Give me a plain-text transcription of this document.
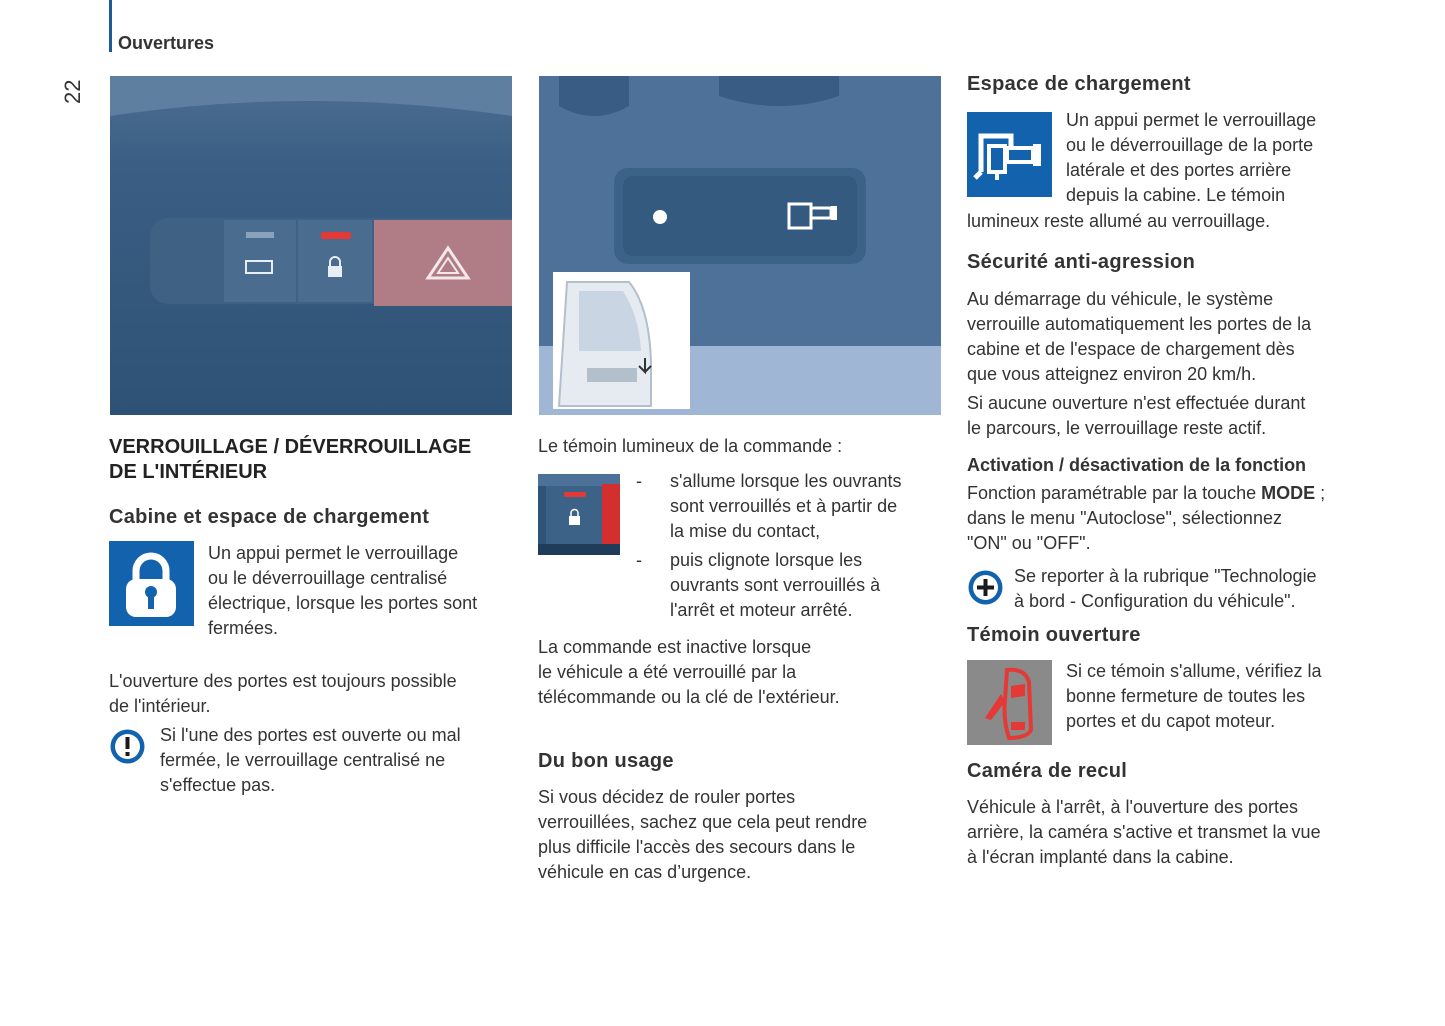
Ouvertures
22
VERROUILLAGE / DÉVERROUILLAGE
DE L'INTÉRIEUR
Cabine et espace de chargement
Un appui permet le verrouillage
ou le déverrouillage centralisé
électrique, lorsque les portes sont
fermées.
L'ouverture des portes est toujours possible
de l'intérieur.
Si l'une des portes est ouverte ou mal
fermée, le verrouillage centralisé ne
s'effectue pas.
Le témoin lumineux de la commande :
- s'allume lorsque les ouvrants
sont verrouillés et à partir de
la mise du contact,
- puis clignote lorsque les
ouvrants sont verrouillés à
l'arrêt et moteur arrêté.
La commande est inactive lorsque
le véhicule a été verrouillé par la
télécommande ou la clé de l'extérieur.
Du bon usage
Si vous décidez de rouler portes
verrouillées, sachez que cela peut rendre
plus difficile l'accès des secours dans le
véhicule en cas d’urgence.
Espace de chargement
Un appui permet le verrouillage
ou le déverrouillage de la porte
latérale et des portes arrière
depuis la cabine. Le témoin
lumineux reste allumé au verrouillage.
Sécurité anti-agression
Au démarrage du véhicule, le système
verrouille automatiquement les portes de la
cabine et de l'espace de chargement dès
que vous atteignez environ 20 km/h.
Si aucune ouverture n'est effectuée durant
le parcours, le verrouillage reste actif.
Activation / désactivation de la fonction
Fonction paramétrable par la touche MODE ;
dans le menu "Autoclose", sélectionnez
"ON" ou "OFF".
Se reporter à la rubrique "Technologie
à bord - Configuration du véhicule".
Témoin ouverture
Si ce témoin s'allume, vérifiez la
bonne fermeture de toutes les
portes et du capot moteur.
Caméra de recul
Véhicule à l'arrêt, à l'ouverture des portes
arrière, la caméra s'active et transmet la vue
à l'écran implanté dans la cabine.
